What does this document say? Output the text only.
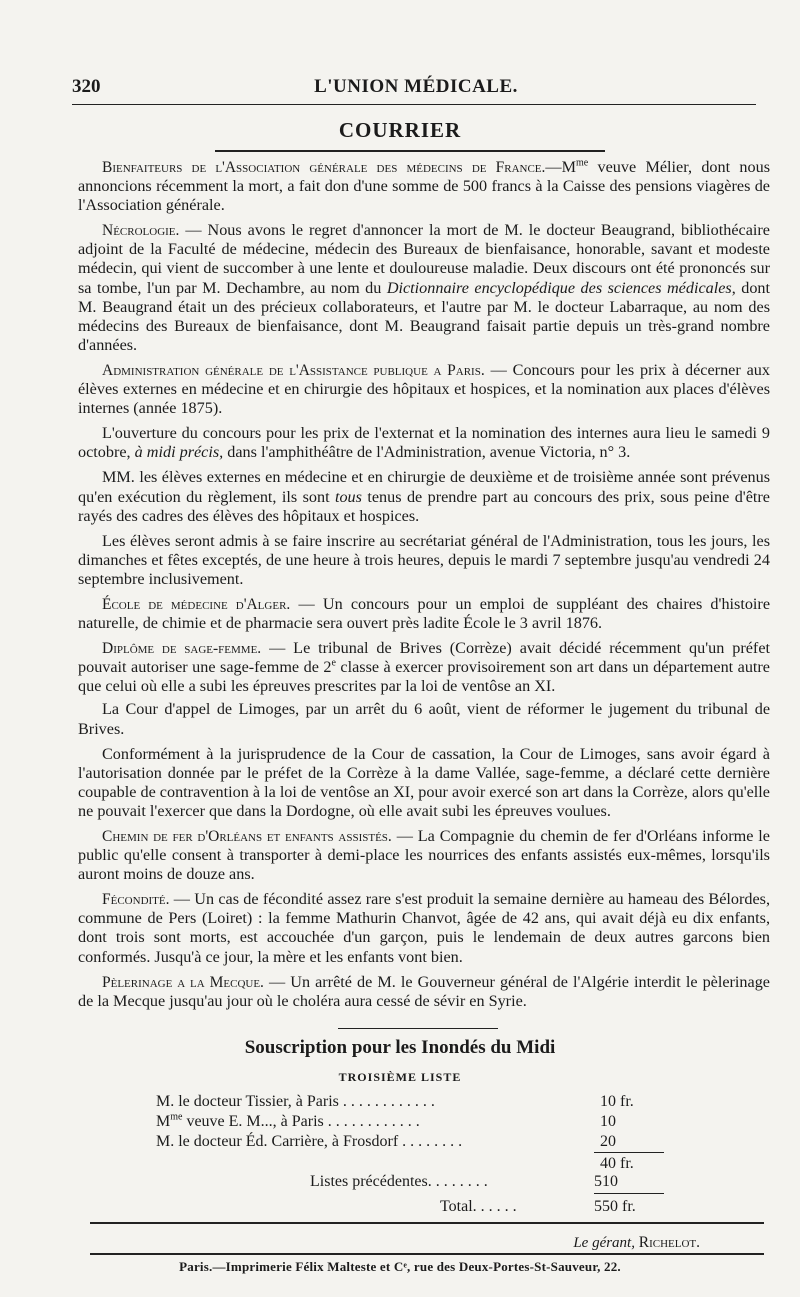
320	L'UNION MÉDICALE.
COURRIER

Bienfaiteurs de l'Association générale des médecins de $France.—M^{me}$ veuve Mélier, dont nous annoncions récemment la mort, a fait don d'une somme de 500 francs à la Caisse des pensions viagères de l'Association générale.

Nécrologie. — Nous avons le regret d'annoncer la mort de M. le docteur Beaugrand, bibliothécaire adjoint de la Faculté de médecine, médecin des Bureaux de bienfaisance, honorable, savant et modeste médecin, qui vient de succomber à une lente et douloureuse maladie. Deux discours ont été prononcés sur sa tombe, l'un par M. Dechambre, au nom du Dictionnaire encyclopédique des sciences médicales, dont M. Beaugrand était un des précieux collaborateurs, et l'autre par M. le docteur Labarraque, au nom des médecins des Bureaux de bienfaisance, dont M. Beaugrand faisait partie depuis un très-grand nombre d'années.

Administration générale de l'Assistance publique a Paris. — Concours pour les prix à décerner aux élèves externes en médecine et en chirurgie des hôpitaux et hospices, et la nomination aux places d'élèves internes (année 1875).

L'ouverture du concours pour les prix de l'externat et la nomination des internes aura lieu le samedi 9 octobre, à midi précis, dans l'amphithéâtre de l'Administration, avenue Victoria, n° 3.

MM. les élèves externes en médecine et en chirurgie de deuxième et de troisième année sont prévenus qu'en exécution du règlement, ils sont tous tenus de prendre part au concours des prix, sous peine d'être rayés des cadres des élèves des hôpitaux et hospices.

Les élèves seront admis à se faire inscrire au secrétariat général de l'Administration, tous les jours, les dimanches et fêtes exceptés, de une heure à trois heures, depuis le mardi 7 septembre jusqu'au vendredi 24 septembre inclusivement.

École de médecine d'Alger. — Un concours pour un emploi de suppléant des chaires d'histoire naturelle, de chimie et de pharmacie sera ouvert près ladite École le 3 avril 1876.

Diplôme de sage-femme. — Le tribunal de Brives (Corrèze) avait décidé récemment qu'un préfet pouvait autoriser une sage-femme de 2e classe à exercer provisoirement son art dans un département autre que celui où elle a subi les épreuves prescrites par la loi de ventôse an XI.

La Cour d'appel de Limoges, par un arrêt du 6 août, vient de réformer le jugement du tribunal de Brives.

Conformément à la jurisprudence de la Cour de cassation, la Cour de Limoges, sans avoir égard à l'autorisation donnée par le préfet de la Corrèze à la dame Vallée, sage-femme, a déclaré cette dernière coupable de contravention à la loi de ventôse an XI, pour avoir exercé son art dans la Corrèze, alors qu'elle ne pouvait l'exercer que dans la Dordogne, où elle avait subi les épreuves voulues.

Chemin de fer d'Orléans et enfants assistés. — La Compagnie du chemin de fer d'Orléans informe le public qu'elle consent à transporter à demi-place les nourrices des enfants assistés eux-mêmes, lorsqu'ils auront moins de douze ans.

Fécondité. — Un cas de fécondité assez rare s'est produit la semaine dernière au hameau des Bélordes, commune de Pers (Loiret) : la femme Mathurin Chanvot, âgée de 42 ans, qui avait déjà eu dix enfants, dont trois sont morts, est accouchée d'un garçon, puis le lendemain de deux autres garcons bien conformés. Jusqu'à ce jour, la mère et les enfants vont bien.

Pèlerinage a la Mecque. — Un arrêté de M. le Gouverneur général de l'Algérie interdit le pèlerinage de la Mecque jusqu'au jour où le choléra aura cessé de sévir en Syrie.

Souscription pour les Inondés du Midi
TROISIÈME LISTE
M. le docteur Tissier, à Paris . . . . . . . . . . . .	10 fr.
$M^{me}$ veuve E. M..., à Paris . . . . . . . . . . . .	10
M. le docteur Éd. Carrière, à Frosdorf . . . . . . . .	20
40 fr.
Listes précédentes. . . . . . . .	510
Total. . . . . .	550 fr.
Le gérant, Richelot.
Paris.—Imprimerie Félix Malteste et Cᵉ, rue des Deux-Portes-St-Sauveur, 22.
